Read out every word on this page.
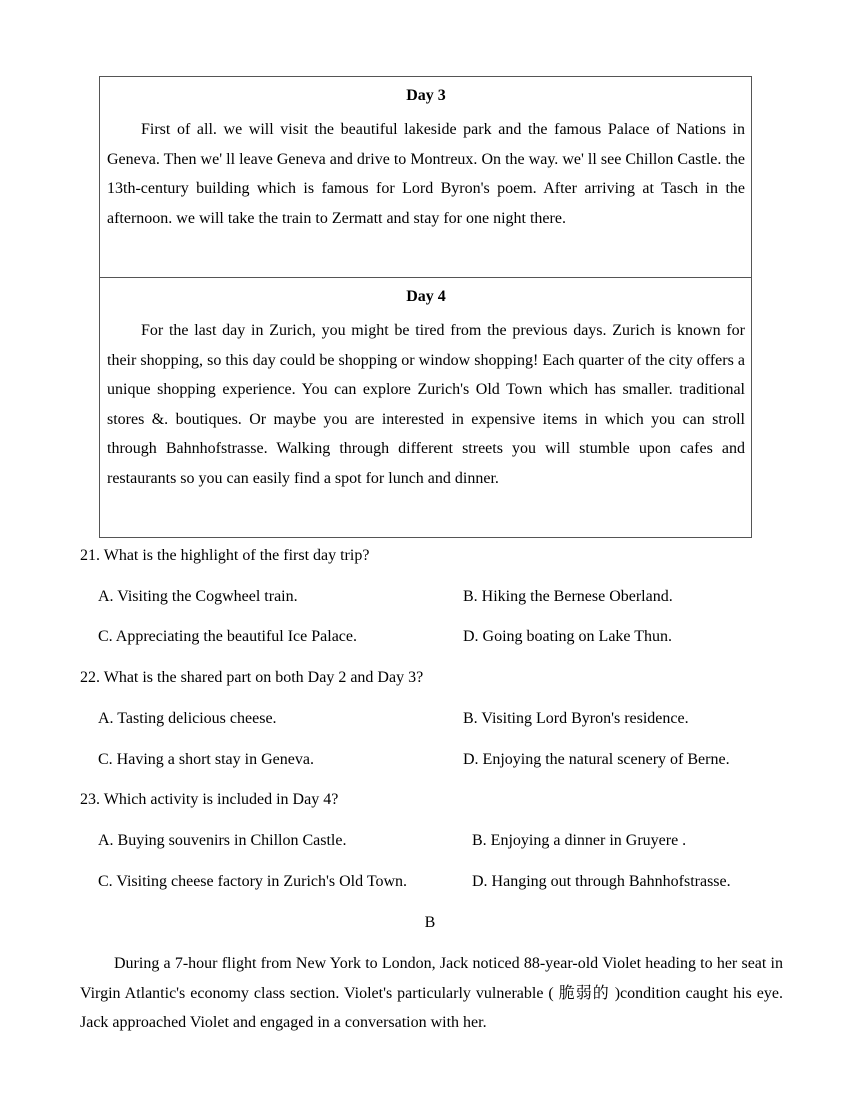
Day 3

First of all. we will visit the beautiful lakeside park and the famous Palace of Nations in Geneva. Then we' ll leave Geneva and drive to Montreux. On the way. we' ll see Chillon Castle. the 13th-century building which is famous for Lord Byron's poem. After arriving at Tasch in the afternoon. we will take the train to Zermatt and stay for one night there.

Day 4

For the last day in Zurich, you might be tired from the previous days. Zurich is known for their shopping, so this day could be shopping or window shopping! Each quarter of the city offers a unique shopping experience. You can explore Zurich's Old Town which has smaller. traditional stores &. boutiques. Or maybe you are interested in expensive items in which you can stroll through Bahnhofstrasse. Walking through different streets you will stumble upon cafes and restaurants so you can easily find a spot for lunch and dinner.

21. What is the highlight of the first day trip?
A. Visiting the Cogwheel train.	B. Hiking the Bernese Oberland.
C. Appreciating the beautiful Ice Palace.	D. Going boating on Lake Thun.
22. What is the shared part on both Day 2 and Day 3?
A. Tasting delicious cheese.	B. Visiting Lord Byron's residence.
C. Having a short stay in Geneva.	D. Enjoying the natural scenery of Berne.
23. Which activity is included in Day 4?
A. Buying souvenirs in Chillon Castle.	B. Enjoying a dinner in Gruyere .
C. Visiting cheese factory in Zurich's Old Town.	D. Hanging out through Bahnhofstrasse.
B

During a 7-hour flight from New York to London, Jack noticed 88-year-old Violet heading to her seat in Virgin Atlantic's economy class section. Violet's particularly vulnerable ( 脆弱的 )condition caught his eye. Jack approached Violet and engaged in a conversation with her.
